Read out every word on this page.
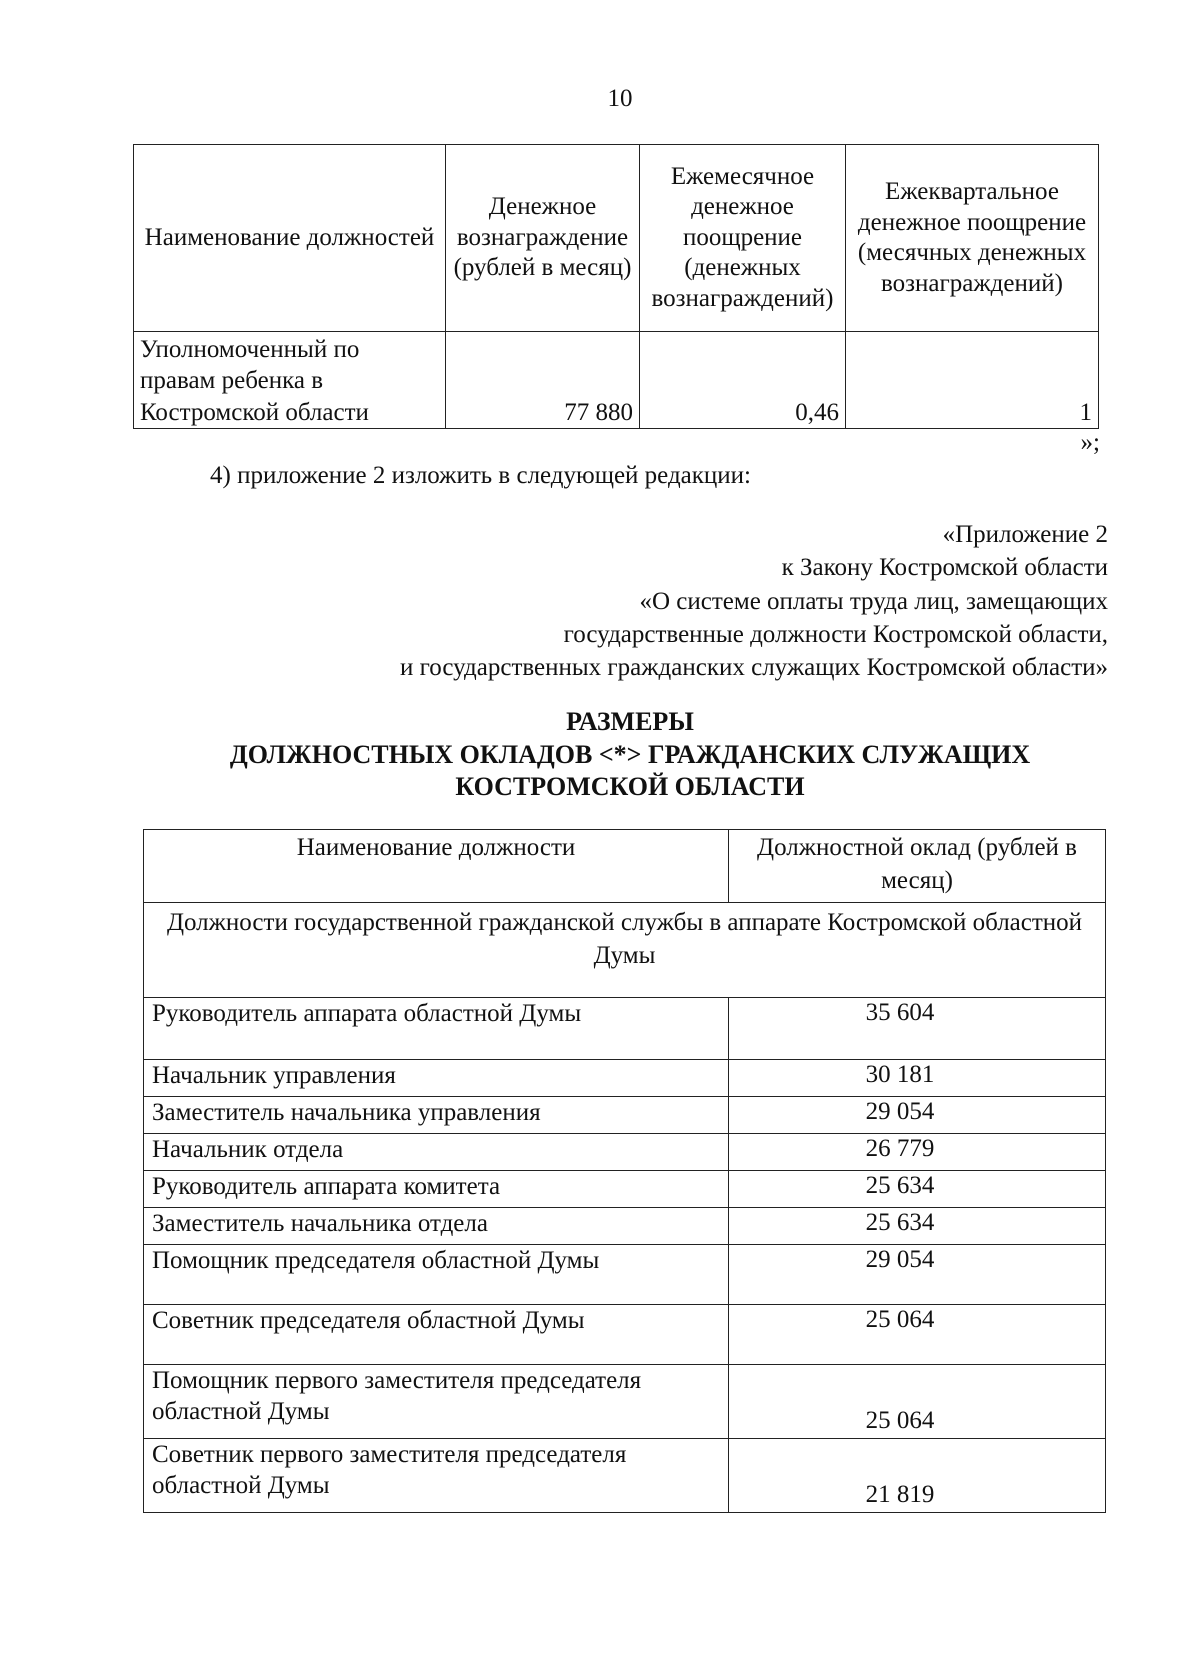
10
Наименование должностей	Денежное вознаграждение (рублей в месяц)	Ежемесячное денежное поощрение (денежных вознаграждений)	Ежеквартальное денежное поощрение (месячных денежных вознаграждений)
Уполномоченный по правам ребенка в Костромской области	77 880	0,46	1
»;
4) приложение 2 изложить в следующей редакции:
«Приложение 2
к Закону Костромской области
«О системе оплаты труда лиц, замещающих
государственные должности Костромской области,
и государственных гражданских служащих Костромской области»
РАЗМЕРЫ
ДОЛЖНОСТНЫХ ОКЛАДОВ <*> ГРАЖДАНСКИХ СЛУЖАЩИХ
КОСТРОМСКОЙ ОБЛАСТИ
Наименование должности	Должностной оклад (рублей в месяц)
Должности государственной гражданской службы в аппарате Костромской областной Думы	
Руководитель аппарата областной Думы	35 604
Начальник управления	30 181
Заместитель начальника управления	29 054
Начальник отдела	26 779
Руководитель аппарата комитета	25 634
Заместитель начальника отдела	25 634
Помощник председателя областной Думы	29 054
Советник председателя областной Думы	25 064
Помощник первого заместителя председателя областной Думы	25 064
Советник первого заместителя председателя областной Думы	21 819
